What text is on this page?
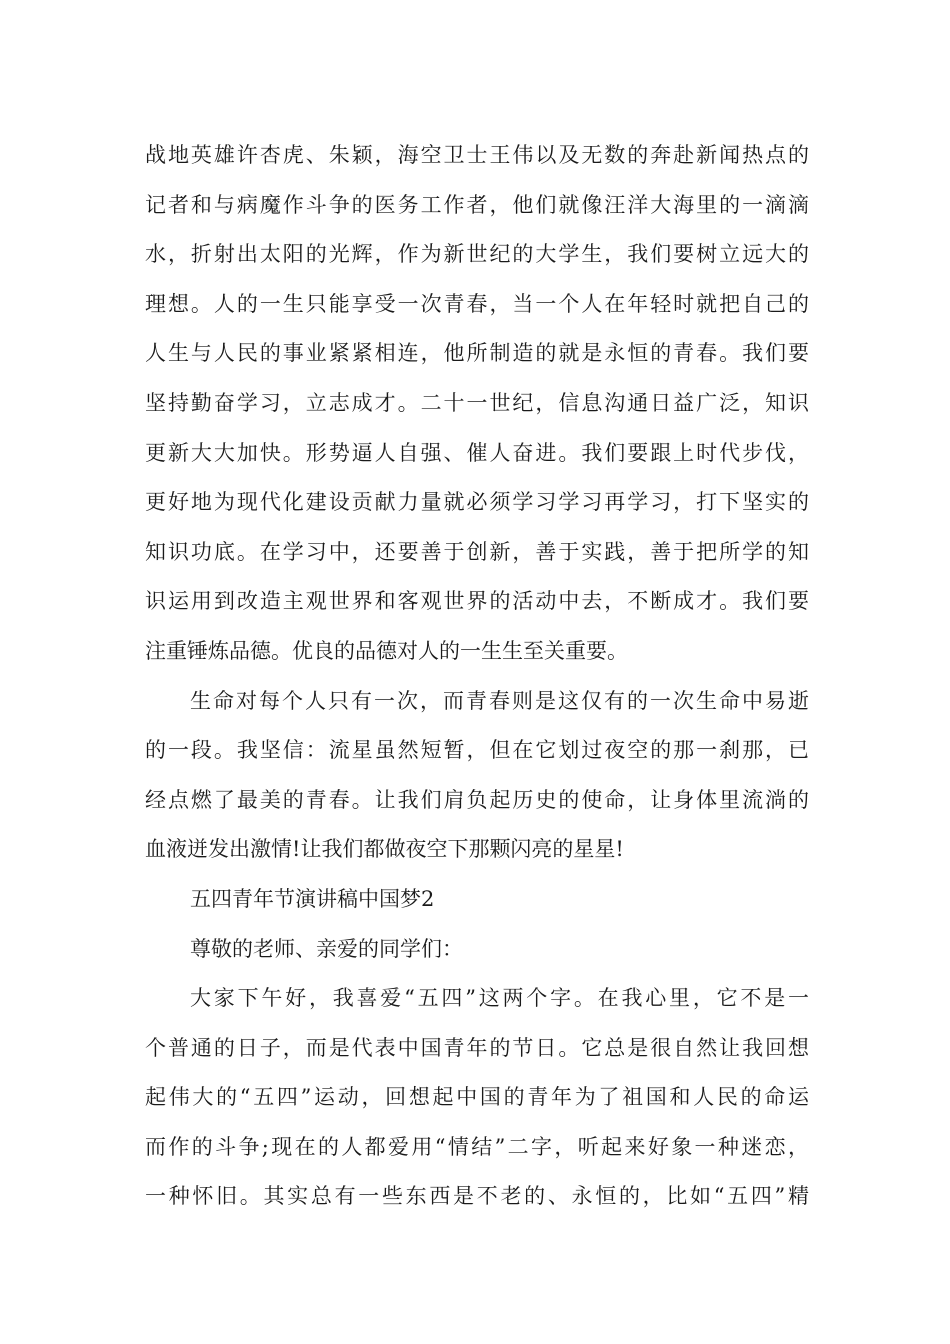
战地英雄许杏虎、朱颖，海空卫士王伟以及无数的奔赴新闻热点的
记者和与病魔作斗争的医务工作者，他们就像汪洋大海里的一滴滴
水，折射出太阳的光辉，作为新世纪的大学生，我们要树立远大的
理想。人的一生只能享受一次青春，当一个人在年轻时就把自己的
人生与人民的事业紧紧相连，他所制造的就是永恒的青春。我们要
坚持勤奋学习，立志成才。二十一世纪，信息沟通日益广泛，知识
更新大大加快。形势逼人自强、催人奋进。我们要跟上时代步伐，
更好地为现代化建设贡献力量就必须学习学习再学习，打下坚实的
知识功底。在学习中，还要善于创新，善于实践，善于把所学的知
识运用到改造主观世界和客观世界的活动中去，不断成才。我们要
注重锤炼品德。优良的品德对人的一生生至关重要。
生命对每个人只有一次，而青春则是这仅有的一次生命中易逝
的一段。我坚信：流星虽然短暂，但在它划过夜空的那一刹那，已
经点燃了最美的青春。让我们肩负起历史的使命，让身体里流淌的
血液迸发出激情!让我们都做夜空下那颗闪亮的星星!
五四青年节演讲稿中国梦2
尊敬的老师、亲爱的同学们：
大家下午好，我喜爱“五四”这两个字。在我心里，它不是一
个普通的日子，而是代表中国青年的节日。它总是很自然让我回想
起伟大的“五四”运动，回想起中国的青年为了祖国和人民的命运
而作的斗争;现在的人都爱用“情结”二字，听起来好象一种迷恋，
一种怀旧。其实总有一些东西是不老的、永恒的，比如“五四”精
